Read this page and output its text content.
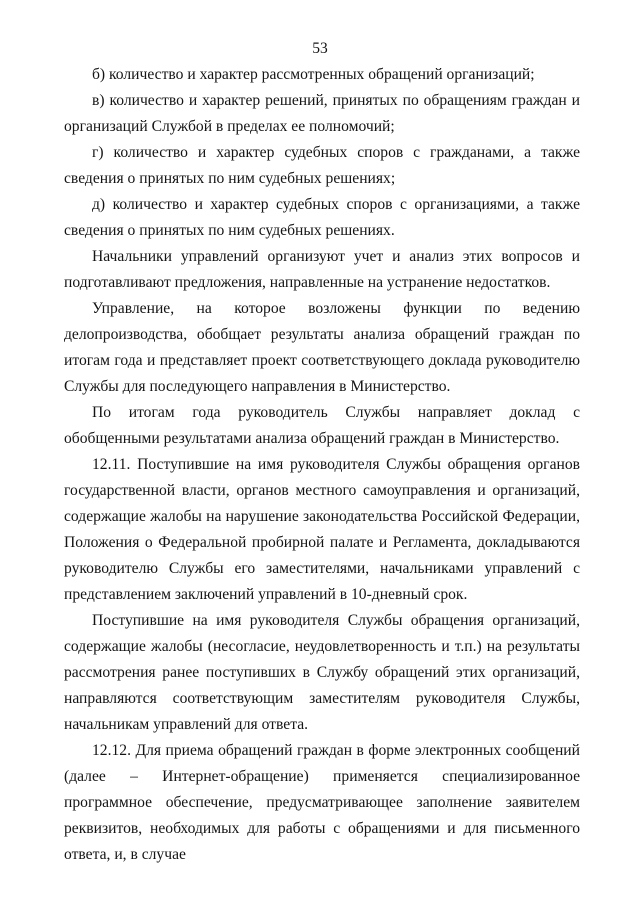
53

б) количество и характер рассмотренных обращений организаций;

в) количество и характер решений, принятых по обращениям граждан и организаций Службой в пределах ее полномочий;

г) количество и характер судебных споров с гражданами, а также сведения о принятых по ним судебных решениях;

д) количество и характер судебных споров с организациями, а также сведения о принятых по ним судебных решениях.

Начальники управлений организуют учет и анализ этих вопросов и подготавливают предложения, направленные на устранение недостатков.

Управление, на которое возложены функции по ведению делопроизводства, обобщает результаты анализа обращений граждан по итогам года и представляет проект соответствующего доклада руководителю Службы для последующего направления в Министерство.

По итогам года руководитель Службы направляет доклад с обобщенными результатами анализа обращений граждан в Министерство.

12.11. Поступившие на имя руководителя Службы обращения органов государственной власти, органов местного самоуправления и организаций, содержащие жалобы на нарушение законодательства Российской Федерации, Положения о Федеральной пробирной палате и Регламента, докладываются руководителю Службы его заместителями, начальниками управлений с представлением заключений управлений в 10-дневный срок.

Поступившие на имя руководителя Службы обращения организаций, содержащие жалобы (несогласие, неудовлетворенность и т.п.) на результаты рассмотрения ранее поступивших в Службу обращений этих организаций, направляются соответствующим заместителям руководителя Службы, начальникам управлений для ответа.

12.12. Для приема обращений граждан в форме электронных сообщений (далее – Интернет-обращение) применяется специализированное программное обеспечение, предусматривающее заполнение заявителем реквизитов, необходимых для работы с обращениями и для письменного ответа, и, в случае
